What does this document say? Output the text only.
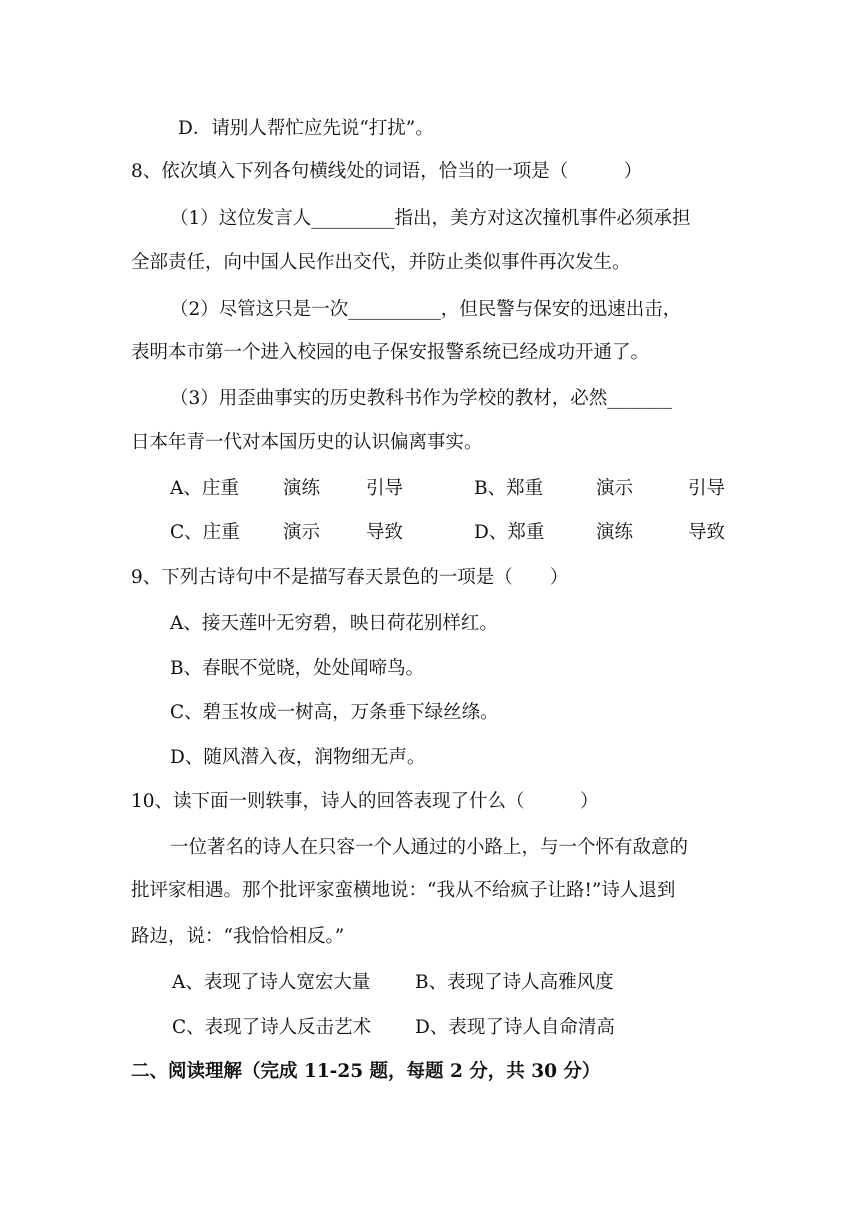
D．请别人帮忙应先说“打扰”。
8、依次填入下列各句横线处的词语，恰当的一项是（　　　）
（1）这位发言人_________指出，美方对这次撞机事件必须承担
全部责任，向中国人民作出交代，并防止类似事件再次发生。
（2）尽管这只是一次__________，但民警与保安的迅速出击，
表明本市第一个进入校园的电子保安报警系统已经成功开通了。
（3）用歪曲事实的历史教科书作为学校的教材，必然_______
日本年青一代对本国历史的认识偏离事实。
A、庄重 演练 引导	B、郑重	演示	引导
C、庄重 演示 导致	D、郑重	演练	导致
9、下列古诗句中不是描写春天景色的一项是（　　）
A、接天莲叶无穷碧，映日荷花别样红。
B、春眠不觉晓，处处闻啼鸟。
C、碧玉妆成一树高，万条垂下绿丝绦。
D、随风潜入夜，润物细无声。
10、读下面一则轶事，诗人的回答表现了什么（　　　）
一位著名的诗人在只容一个人通过的小路上，与一个怀有敌意的
批评家相遇。那个批评家蛮横地说：“我从不给疯子让路!”诗人退到
路边，说：“我恰恰相反。”
A、表现了诗人宽宏大量 B、表现了诗人高雅风度
C、表现了诗人反击艺术 D、表现了诗人自命清高
二、阅读理解（完成 11-25 题，每题 2 分，共 30 分）
